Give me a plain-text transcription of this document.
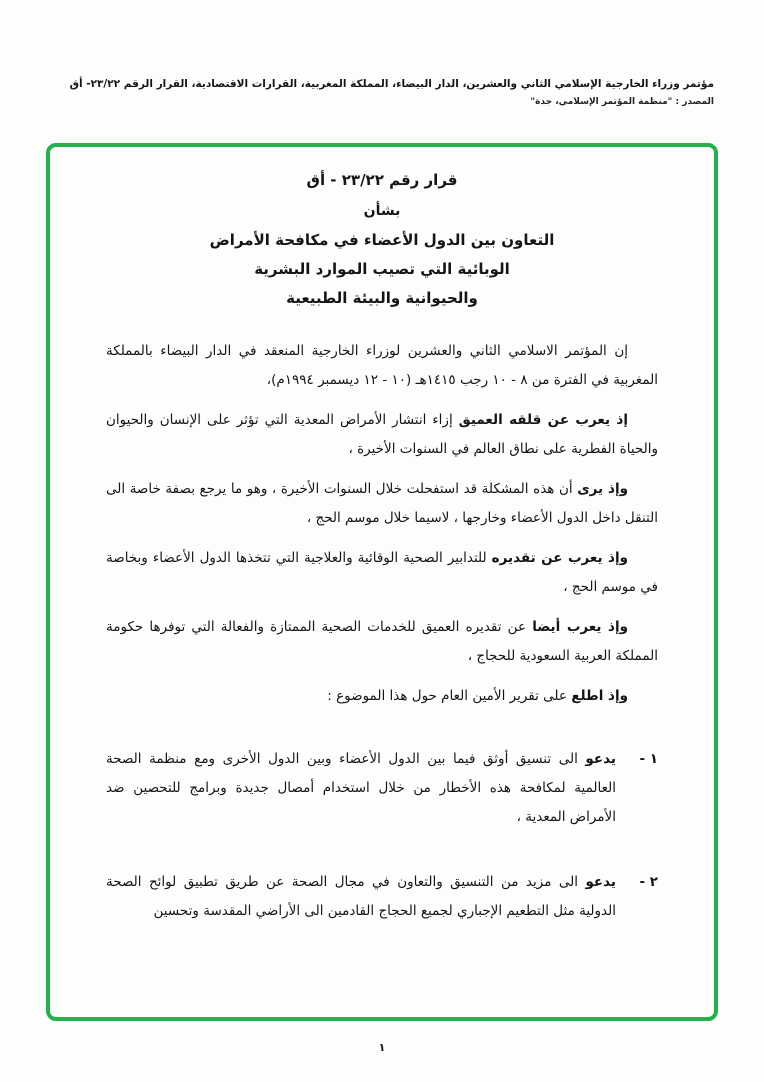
مؤتمر وزراء الخارجية الإسلامي الثاني والعشرين، الدار البيضاء، المملكة المغربية، القرارات الاقتصادية، القرار الرقم ٢٣/٢٢- أق
المصدر : "منظمة المؤتمر الإسلامي، جدة"
قرار رقم ٢٣/٢٢ - أق
بشأن
التعاون بين الدول الأعضاء في مكافحة الأمراض
الوبائية التي تصيب الموارد البشرية
والحيوانية والبيئة الطبيعية

إن المؤتمر الاسلامي الثاني والعشرين لوزراء الخارجية المنعقد في الدار البيضاء بالمملكة المغربية في الفترة من ٨ - ١٠ رجب ١٤١٥هـ (١٠ - ١٢ ديسمبر ١٩٩٤م)،

إذ يعرب عن قلقه العميق إزاء انتشار الأمراض المعدية التي تؤثر على الإنسان والحيوان والحياة الفطرية على نطاق العالم في السنوات الأخيرة ،

وإذ يرى أن هذه المشكلة قد استفحلت خلال السنوات الأخيرة ، وهو ما يرجع بصفة خاصة الى التنقل داخل الدول الأعضاء وخارجها ، لاسيما خلال موسم الحج ،

وإذ يعرب عن تقديره للتدابير الصحية الوقائية والعلاجية التي تتخذها الدول الأعضاء وبخاصة في موسم الحج ،

وإذ يعرب أيضا عن تقديره العميق للخدمات الصحية الممتازة والفعالة التي توفرها حكومة المملكة العربية السعودية للحجاج ،

وإذ اطلع على تقرير الأمين العام حول هذا الموضوع :

١ -
يدعو الى تنسيق أوثق فيما بين الدول الأعضاء وبين الدول الأخرى ومع منظمة الصحة العالمية لمكافحة هذه الأخطار من خلال استخدام أمصال جديدة وبرامج للتحصين ضد الأمراض المعدية ،
٢ -
يدعو الى مزيد من التنسيق والتعاون في مجال الصحة عن طريق تطبيق لوائح الصحة الدولية مثل التطعيم الإجباري لجميع الحجاج القادمين الى الأراضي المقدسة وتحسين
١
